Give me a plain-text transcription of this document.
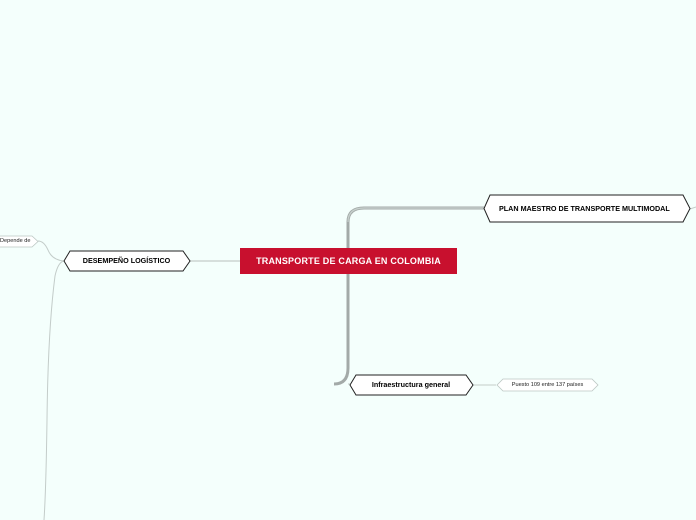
TRANSPORTE DE CARGA EN COLOMBIA
PLAN MAESTRO DE TRANSPORTE MULTIMODAL
DESEMPEÑO LOGÍSTICO
Infraestructura general	Puesto 109 entre 137 países
Depende de
